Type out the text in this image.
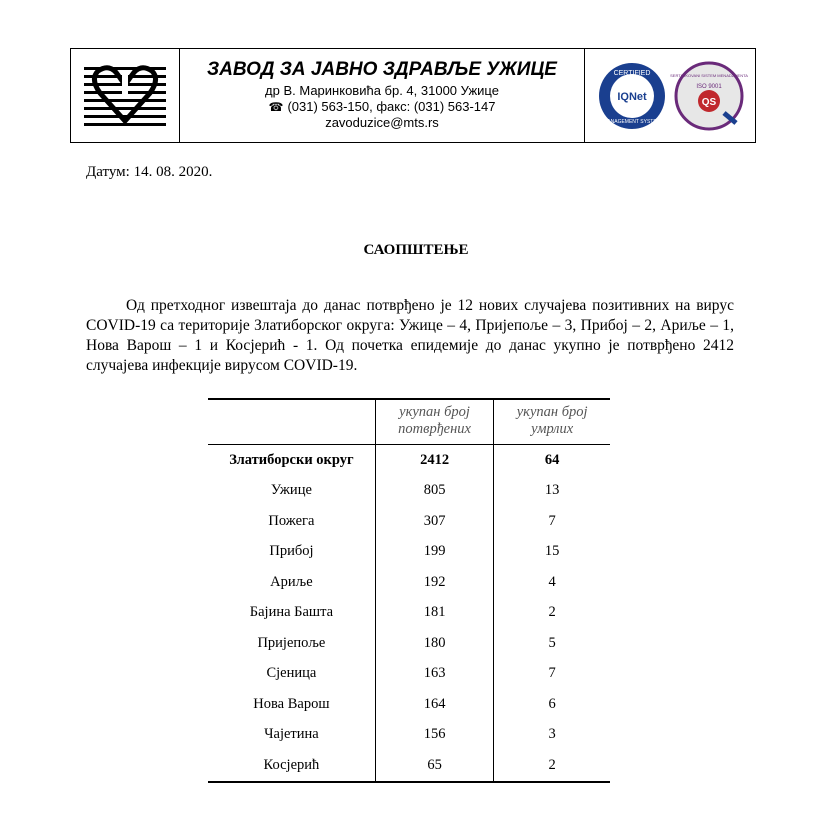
ЗАВОД ЗА ЈАВНО ЗДРАВЉЕ УЖИЦЕ
др В. Маринковића бр. 4, 31000 Ужице
☎ (031) 563-150, факс: (031) 563-147
zavoduzice@mts.rs
CERTIFIED
IQNet
MANAGEMENT SYSTEM
SERTIFIKOVANI SISTEM MENADŽMENTA
ISO 9001
QS
Датум: 14. 08. 2020.
САОПШТЕЊЕ
Од претходног извештаја до данас потврђено је 12 нових случајева позитивних на вирус COVID-19 са територије Златиборског округа: Ужице – 4, Пријепоље – 3, Прибој – 2, Ариље – 1, Нова Варош – 1 и Косјерић - 1. Од почетка епидемије до данас укупно је потврђено 2412 случајева инфекције вирусом COVID-19.
	укупан број потврђених	укупан број умрлих
Златиборски округ	2412	64
Ужице	805	13
Пожега	307	7
Прибој	199	15
Ариље	192	4
Бајина Башта	181	2
Пријепоље	180	5
Сјеница	163	7
Нова Варош	164	6
Чајетина	156	3
Косјерић	65	2
